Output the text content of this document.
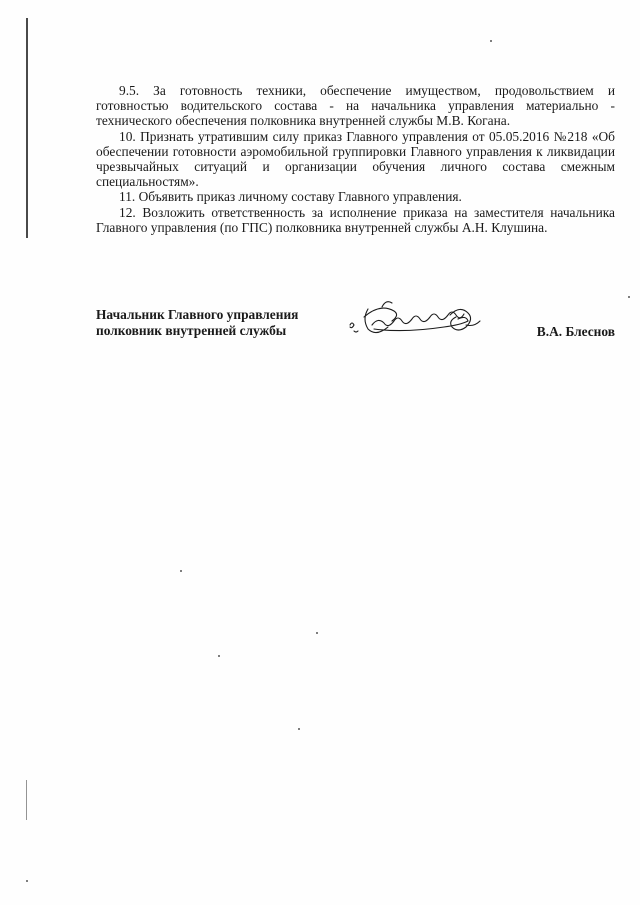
9.5. За готовность техники, обеспечение имуществом, продовольствием и готовностью водительского состава - на начальника управления материально - технического обеспечения полковника внутренней службы М.В. Когана.

10. Признать утратившим силу приказ Главного управления от 05.05.2016 №218 «Об обеспечении готовности аэромобильной группировки Главного управления к ликвидации чрезвычайных ситуаций и организации обучения личного состава смежным специальностям».

11. Объявить приказ личному составу Главного управления.

12. Возложить ответственность за исполнение приказа на заместителя начальника Главного управления (по ГПС) полковника внутренней службы А.Н. Клушина.

Начальник Главного управления
полковник внутренней службы	В.А. Блеснов
